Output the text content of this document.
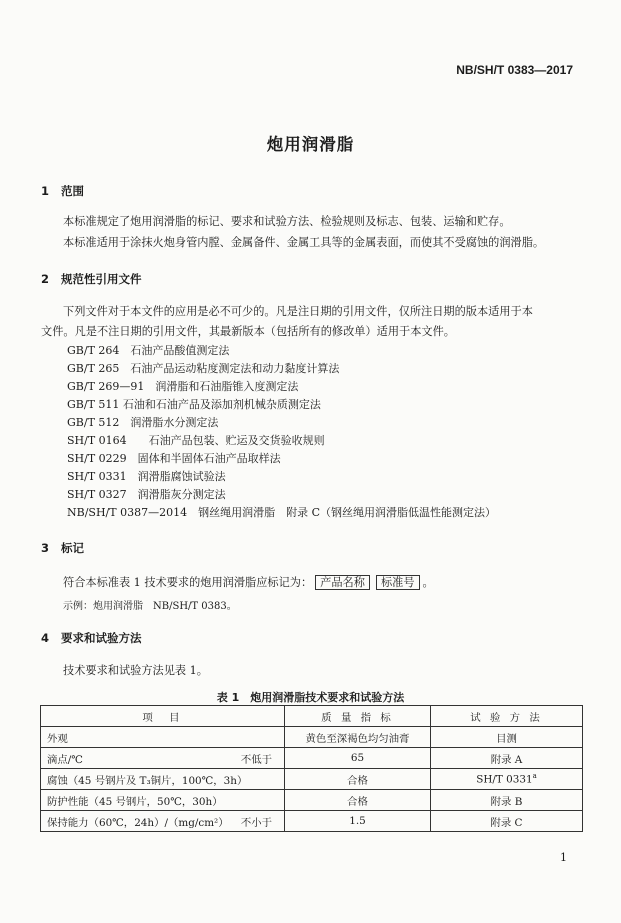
NB/SH/T 0383—2017
炮用润滑脂
1 范围
本标准规定了炮用润滑脂的标记、要求和试验方法、检验规则及标志、包装、运输和贮存。
本标准适用于涂抹火炮身管内膛、金属备件、金属工具等的金属表面，而使其不受腐蚀的润滑脂。
2 规范性引用文件
下列文件对于本文件的应用是必不可少的。凡是注日期的引用文件，仅所注日期的版本适用于本
文件。凡是不注日期的引用文件，其最新版本（包括所有的修改单）适用于本文件。
GB/T 264　石油产品酸值测定法
GB/T 265　石油产品运动粘度测定法和动力黏度计算法
GB/T 269—91　润滑脂和石油脂锥入度测定法
GB/T 511 石油和石油产品及添加剂机械杂质测定法
GB/T 512　润滑脂水分测定法
SH/T 0164　　石油产品包装、贮运及交货验收规则
SH/T 0229　固体和半固体石油产品取样法
SH/T 0331　润滑脂腐蚀试验法
SH/T 0327　润滑脂灰分测定法
NB/SH/T 0387—2014　钢丝绳用润滑脂　附录 C（钢丝绳用润滑脂低温性能测定法）
3 标记
符合本标准表 1 技术要求的炮用润滑脂应标记为： 产品名称 标准号 。
示例：炮用润滑脂　NB/SH/T 0383。
4 要求和试验方法
技术要求和试验方法见表 1。
表 1　炮用润滑脂技术要求和试验方法
项　目	质 量 指 标	试 验 方 法
外观	黄色至深褐色均匀油膏	目测
滴点/℃ 不低于	65	附录 A
腐蚀（45 号钢片及 T₃铜片，100℃，3h）	合格	SH/T 0331$^a$
防护性能（45 号钢片，50℃，30h）	合格	附录 B
保持能力（60℃，24h）/（mg/cm²） 不小于	1.5	附录 C
1
